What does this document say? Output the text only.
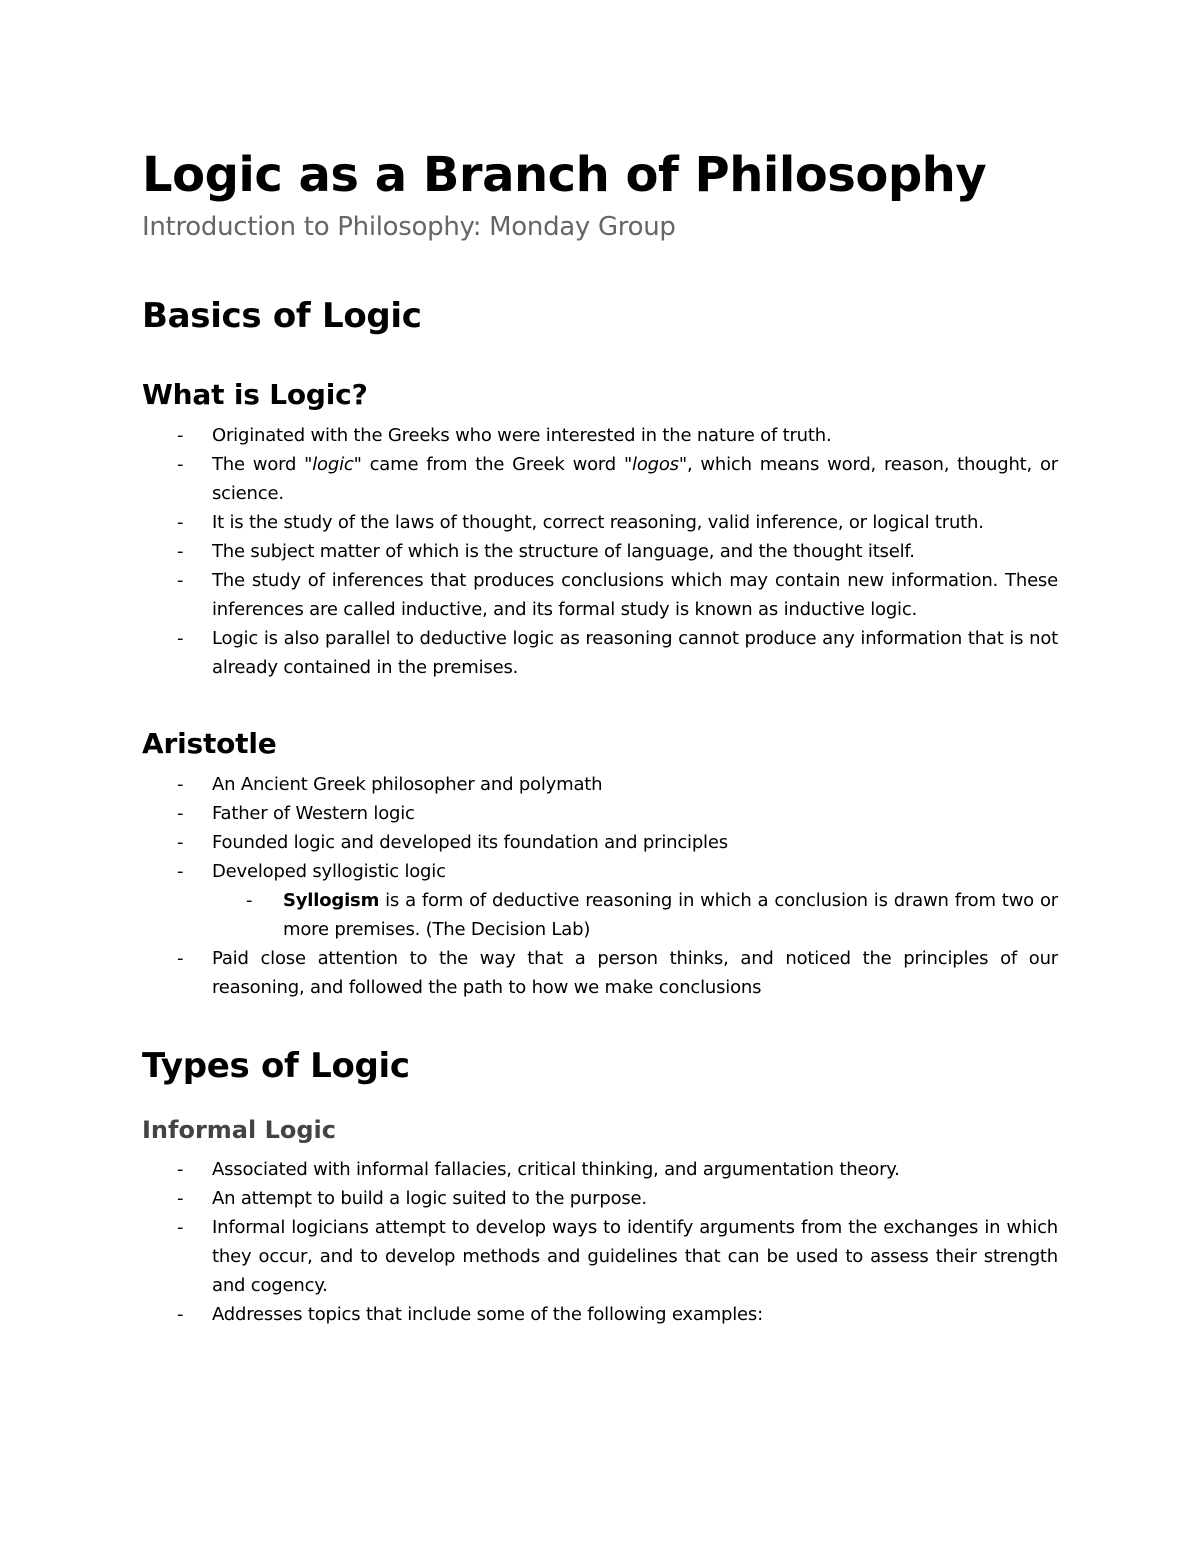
Logic as a Branch of Philosophy

Introduction to Philosophy: Monday Group

Basics of Logic
What is Logic?
- Originated with the Greeks who were interested in the nature of truth.
- The word "logic" came from the Greek word "logos", which means word, reason, thought, or science.
- It is the study of the laws of thought, correct reasoning, valid inference, or logical truth.
- The subject matter of which is the structure of language, and the thought itself.
- The study of inferences that produces conclusions which may contain new information. These inferences are called inductive, and its formal study is known as inductive logic.
- Logic is also parallel to deductive logic as reasoning cannot produce any information that is not already contained in the premises.
Aristotle
- An Ancient Greek philosopher and polymath
- Father of Western logic
- Founded logic and developed its foundation and principles
- Developed syllogistic logic
- Syllogism is a form of deductive reasoning in which a conclusion is drawn from two or more premises. (The Decision Lab)
- Paid close attention to the way that a person thinks, and noticed the principles of our reasoning, and followed the path to how we make conclusions
Types of Logic
Informal Logic
- Associated with informal fallacies, critical thinking, and argumentation theory.
- An attempt to build a logic suited to the purpose.
- Informal logicians attempt to develop ways to identify arguments from the exchanges in which they occur, and to develop methods and guidelines that can be used to assess their strength and cogency.
- Addresses topics that include some of the following examples:
